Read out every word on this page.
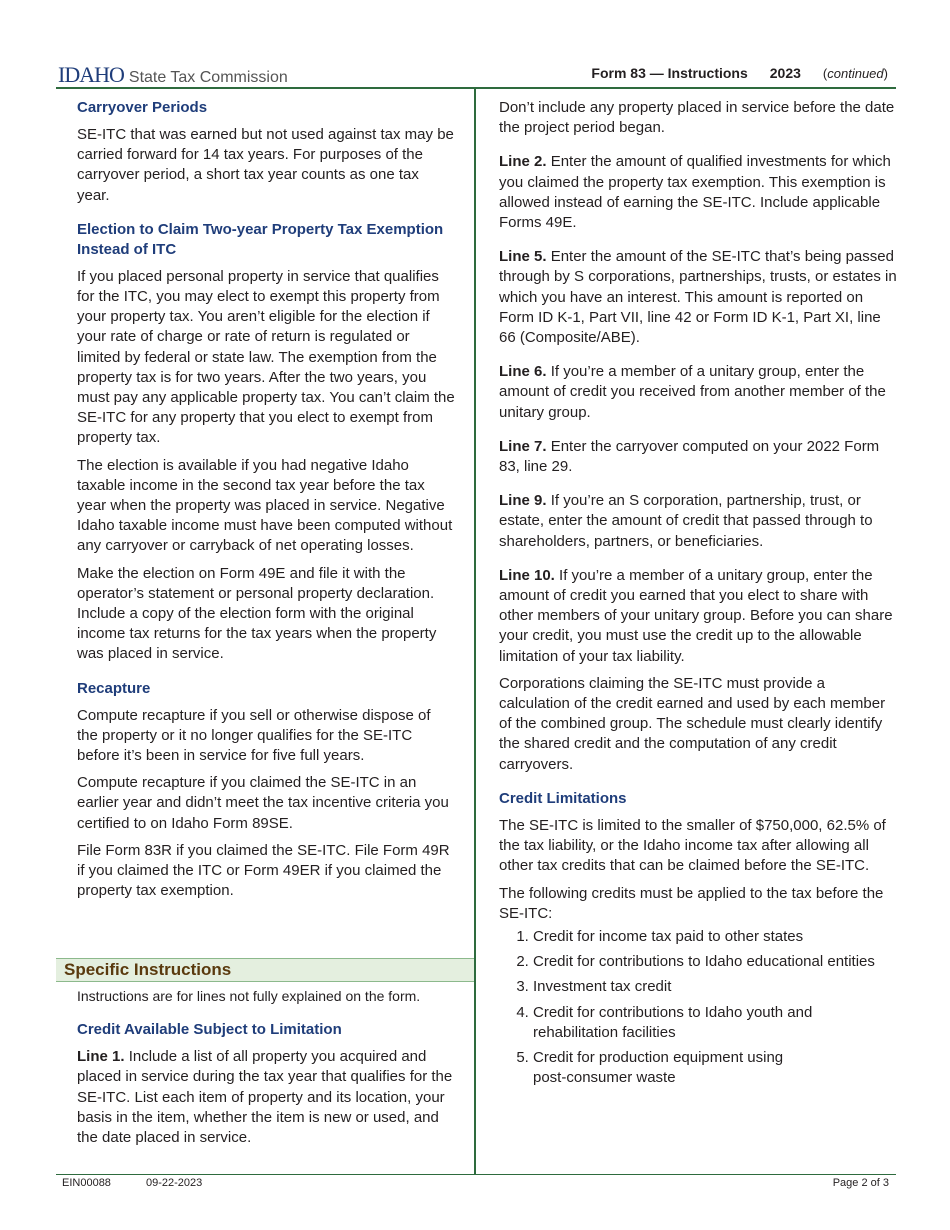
IDAHO State Tax Commission	Form 83 — Instructions 2023 (continued)
Carryover Periods

SE-ITC that was earned but not used against tax may be carried forward for 14 tax years. For purposes of the carryover period, a short tax year counts as one tax year.

Election to Claim Two-year Property Tax Exemption Instead of ITC

If you placed personal property in service that qualifies for the ITC, you may elect to exempt this property from your property tax. You aren’t eligible for the election if your rate of charge or rate of return is regulated or limited by federal or state law. The exemption from the property tax is for two years. After the two years, you must pay any applicable property tax. You can’t claim the SE-ITC for any property that you elect to exempt from property tax.

The election is available if you had negative Idaho taxable income in the second tax year before the tax year when the property was placed in service. Negative Idaho taxable income must have been computed without any carryover or carryback of net operating losses.

Make the election on Form 49E and file it with the operator’s statement or personal property declaration. Include a copy of the election form with the original income tax returns for the tax years when the property was placed in service.

Recapture

Compute recapture if you sell or otherwise dispose of the property or it no longer qualifies for the SE-ITC before it’s been in service for five full years.

Compute recapture if you claimed the SE-ITC in an earlier year and didn’t meet the tax incentive criteria you certified to on Idaho Form 89SE.

File Form 83R if you claimed the SE-ITC. File Form 49R if you claimed the ITC or Form 49ER if you claimed the property tax exemption.

Specific Instructions

Instructions are for lines not fully explained on the form.

Credit Available Subject to Limitation

Line 1. Include a list of all property you acquired and placed in service during the tax year that qualifies for the SE-ITC. List each item of property and its location, your basis in the item, whether the item is new or used, and the date placed in service.

Don’t include any property placed in service before the date the project period began.

Line 2. Enter the amount of qualified investments for which you claimed the property tax exemption. This exemption is allowed instead of earning the SE-ITC. Include applicable Forms 49E.

Line 5. Enter the amount of the SE-ITC that’s being passed through by S corporations, partnerships, trusts, or estates in which you have an interest. This amount is reported on Form ID K-1, Part VII, line 42 or Form ID K-1, Part XI, line 66 (Composite/ABE).

Line 6. If you’re a member of a unitary group, enter the amount of credit you received from another member of the unitary group.

Line 7. Enter the carryover computed on your 2022 Form 83, line 29.

Line 9. If you’re an S corporation, partnership, trust, or estate, enter the amount of credit that passed through to shareholders, partners, or beneficiaries.

Line 10. If you’re a member of a unitary group, enter the amount of credit you earned that you elect to share with other members of your unitary group. Before you can share your credit, you must use the credit up to the allowable limitation of your tax liability.

Corporations claiming the SE-ITC must provide a calculation of the credit earned and used by each member of the combined group. The schedule must clearly identify the shared credit and the computation of any credit carryovers.

Credit Limitations

The SE-ITC is limited to the smaller of $750,000, 62.5% of the tax liability, or the Idaho income tax after allowing all other tax credits that can be claimed before the SE-ITC.

The following credits must be applied to the tax before the SE-ITC:

1. Credit for income tax paid to other states
2. Credit for contributions to Idaho educational entities
3. Investment tax credit
4. Credit for contributions to Idaho youth and rehabilitation facilities
5. Credit for production equipment using post-consumer waste
EIN00088	09-22-2023	Page 2 of 3
